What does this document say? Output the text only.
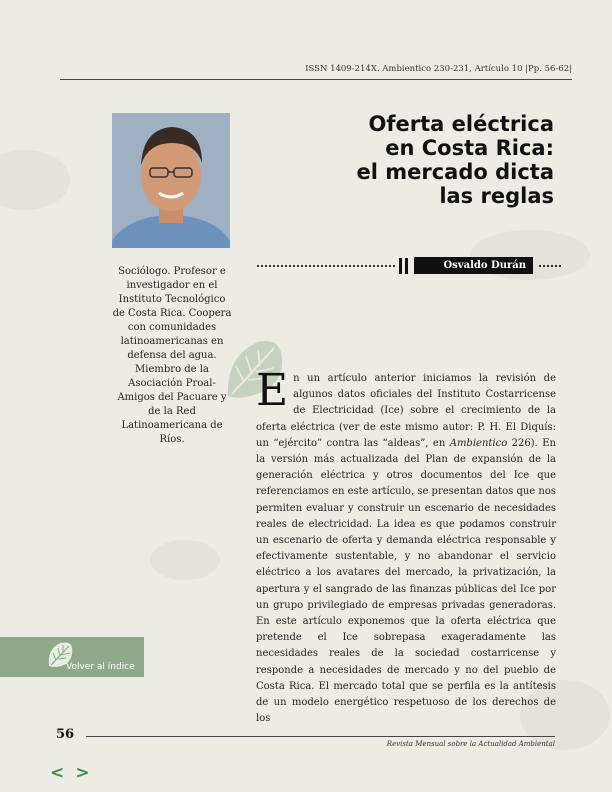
ISSN 1409-214X. Ambientico 230-231, Artículo 10 |Pp. 56-62|
Oferta eléctrica
en Costa Rica:
el mercado dicta
las reglas
Osvaldo Durán
Sociólogo. Profesor e investigador en el Instituto Tecnológico de Costa Rica. Coopera con comunidades latinoamericanas en defensa del agua. Miembro de la Asociación Proal-Amigos del Pacuare y de la Red Latinoamericana de Ríos.

En un artículo anterior iniciamos la revisión de algunos datos oficiales del Instituto Costarricense de Electricidad (Ice) sobre el crecimiento de la oferta eléctrica (ver de este mismo autor: P. H. El Diquís: un “ejército” contra las “aldeas”, en Ambientico 226). En la versión más actualizada del Plan de expansión de la generación eléctrica y otros documentos del Ice que referenciamos en este artículo, se presentan datos que nos permiten evaluar y construir un escenario de necesidades reales de electricidad. La idea es que podamos construir un escenario de oferta y demanda eléctrica responsable y efectivamente sustentable, y no abandonar el servicio eléctrico a los avatares del mercado, la privatización, la apertura y el sangrado de las finanzas públicas del Ice por un grupo privilegiado de empresas privadas generadoras. En este artículo exponemos que la oferta eléctrica que pretende el Ice sobrepasa exageradamente las necesidades reales de la sociedad costarricense y responde a necesidades de mercado y no del pueblo de Costa Rica. El mercado total que se perfila es la antítesis de un modelo energético respetuoso de los derechos de los

Volver al índice
56
Revista Mensual sobre la Actualidad Ambiental
< >
